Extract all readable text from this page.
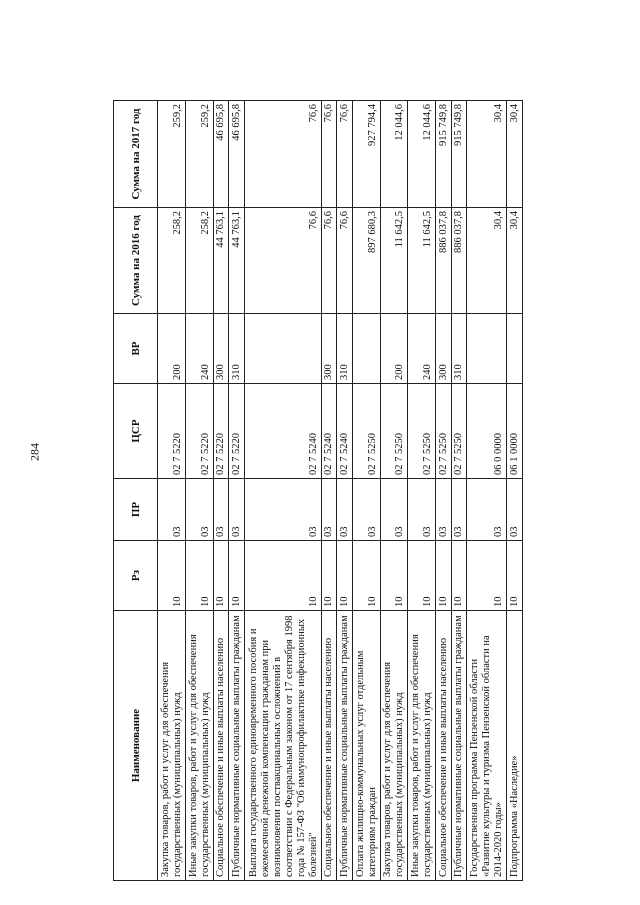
284
Наименование	Рз	ПР	ЦСР	ВР	Сумма на 2016 год	Сумма на 2017 год
Закупка товаров, работ и услуг для обеспечения государственных (муниципальных) нужд	10	03	02 7 5220	200	258,2	259,2
Иные закупки товаров, работ и услуг для обеспечения государственных (муниципальных) нужд	10	03	02 7 5220	240	258,2	259,2
Социальное обеспечение и иные выплаты населению	10	03	02 7 5220	300	44 763,1	46 695,8
Публичные нормативные социальные выплаты гражданам	10	03	02 7 5220	310	44 763,1	46 695,8
Выплата государственного единовременного пособия и ежемесячной денежной компенсации гражданам при возникновении поствакцинальных осложнений в соответствии с Федеральным законом от 17 сентября 1998 года № 157-ФЗ "Об иммунопрофилактике инфекционных болезней"	10	03	02 7 5240		76,6	76,6
Социальное обеспечение и иные выплаты населению	10	03	02 7 5240	300	76,6	76,6
Публичные нормативные социальные выплаты гражданам	10	03	02 7 5240	310	76,6	76,6
Оплата жилищно-коммунальных услуг отдельным категориям граждан	10	03	02 7 5250		897 680,3	927 794,4
Закупка товаров, работ и услуг для обеспечения государственных (муниципальных) нужд	10	03	02 7 5250	200	11 642,5	12 044,6
Иные закупки товаров, работ и услуг для обеспечения государственных (муниципальных) нужд	10	03	02 7 5250	240	11 642,5	12 044,6
Социальное обеспечение и иные выплаты населению	10	03	02 7 5250	300	886 037,8	915 749,8
Публичные нормативные социальные выплаты гражданам	10	03	02 7 5250	310	886 037,8	915 749,8
Государственная программа Пензенской области «Развитие культуры и туризма Пензенской области на 2014-2020 годы»	10	03	06 0 0000		30,4	30,4
Подпрограмма «Наследие»	10	03	06 1 0000		30,4	30,4
